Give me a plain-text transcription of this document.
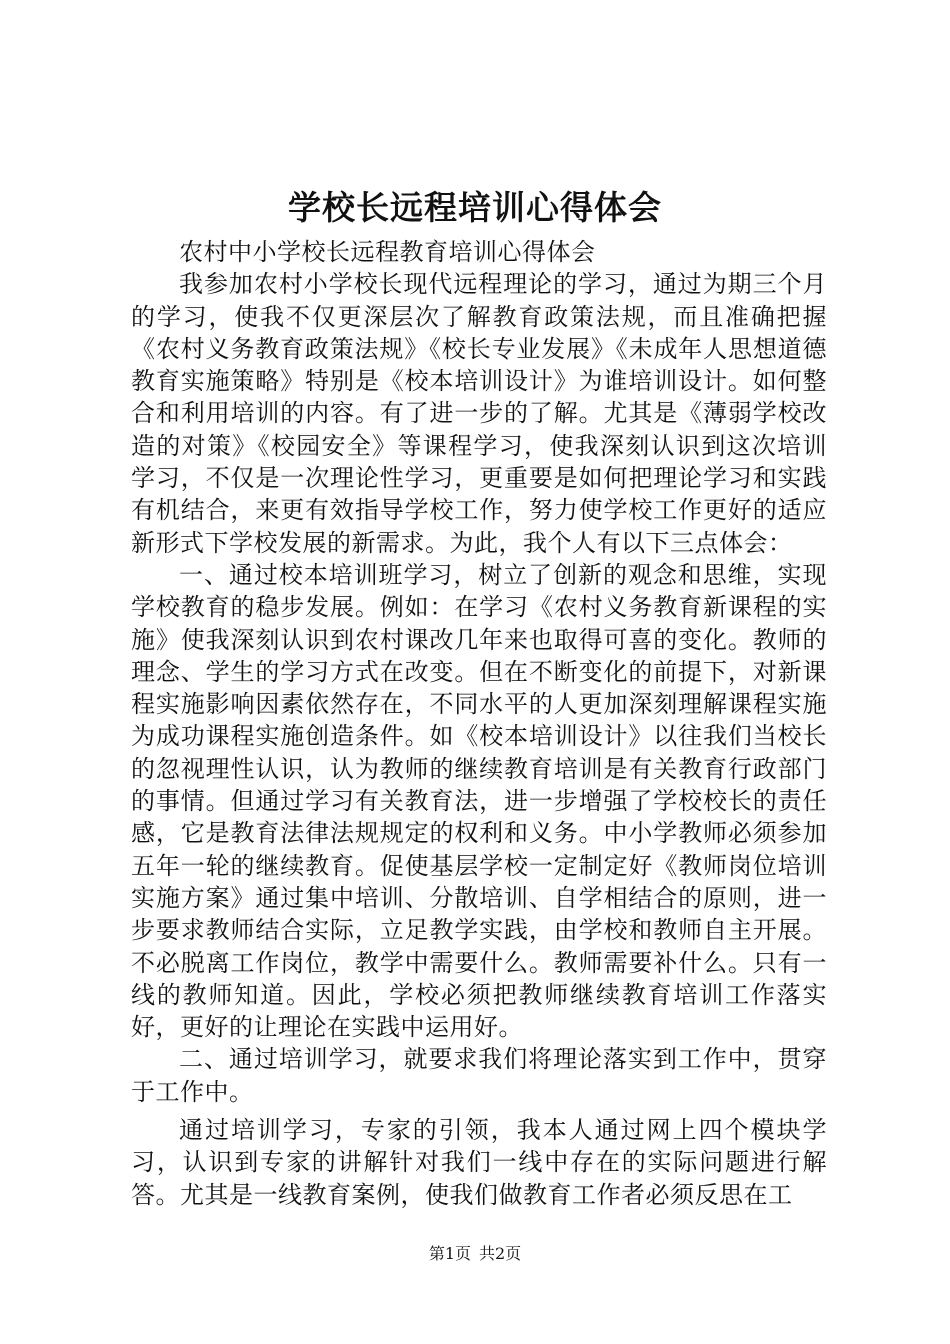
学校长远程培训心得体会

农村中小学校长远程教育培训心得体会

我参加农村小学校长现代远程理论的学习，通过为期三个月的学习，使我不仅更深层次了解教育政策法规，而且准确把握《农村义务教育政策法规》《校长专业发展》《未成年人思想道德教育实施策略》特别是《校本培训设计》为谁培训设计。如何整合和利用培训的内容。有了进一步的了解。尤其是《薄弱学校改造的对策》《校园安全》等课程学习，使我深刻认识到这次培训学习，不仅是一次理论性学习，更重要是如何把理论学习和实践有机结合，来更有效指导学校工作，努力使学校工作更好的适应新形式下学校发展的新需求。为此，我个人有以下三点体会：

一、通过校本培训班学习，树立了创新的观念和思维，实现学校教育的稳步发展。例如：在学习《农村义务教育新课程的实施》使我深刻认识到农村课改几年来也取得可喜的变化。教师的理念、学生的学习方式在改变。但在不断变化的前提下，对新课程实施影响因素依然存在，不同水平的人更加深刻理解课程实施为成功课程实施创造条件。如《校本培训设计》以往我们当校长的忽视理性认识，认为教师的继续教育培训是有关教育行政部门的事情。但通过学习有关教育法，进一步增强了学校校长的责任感，它是教育法律法规规定的权利和义务。中小学教师必须参加五年一轮的继续教育。促使基层学校一定制定好《教师岗位培训实施方案》通过集中培训、分散培训、自学相结合的原则，进一步要求教师结合实际，立足教学实践，由学校和教师自主开展。不必脱离工作岗位，教学中需要什么。教师需要补什么。只有一线的教师知道。因此，学校必须把教师继续教育培训工作落实好，更好的让理论在实践中运用好。

二、通过培训学习，就要求我们将理论落实到工作中，贯穿于工作中。

通过培训学习，专家的引领，我本人通过网上四个模块学习，认识到专家的讲解针对我们一线中存在的实际问题进行解答。尤其是一线教育案例，使我们做教育工作者必须反思在工

第1页 共2页
